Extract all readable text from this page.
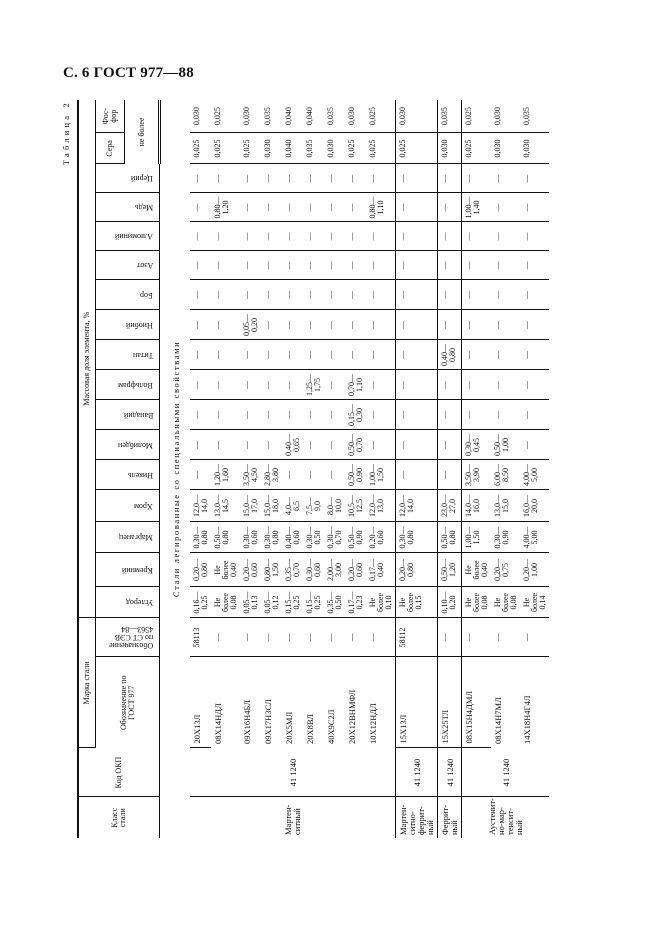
С. 6 ГОСТ 977—88
Таблица 2
Класс
стали	Код ОКП	Марка стали		Массовая доля элемента, %																
		Обозначение по
ГОСТ 977	Обозначение
по СТ СЭВ
4563—84	Углерод	Кремний	Марганец	Хром	Никель	Молибден	Ванадий	Вольфрам	Титан	Ниобий	Бор	Азот	Алюминий	Медь	Церий	Сера	Фос-
фор
																			не более	
Стали легированные со специальными свойствами																				
Мартен-
ситный	41 1240	20Х13Л	58113	0,16—
0,25	0,20—
0,80	0,30—
0,80	12,0—
14,0	—	—	—	—	—	—	—	—	—	—	—	0,025	0,030
		08Х14НДЛ	—	Не
более
0,08	Не
более
0,40	0,50—
0,80	13,0—
14,5	1,20—
1,60	—	—	—	—	—	—	—	—	0,80—
1,20	—	0,025	0,025
		09Х16Н4БЛ	—	0,05—
0,13	0,20—
0,60	0,30—
0,60	15,0—
17,0	3,50—
4,50	—	—	—	—	0,05—
0,20	—	—	—	—	—	0,025	0,030
		09Х17Н3СЛ	—	0,05—
0,12	0,80—
1,50	0,30—
0,80	15,0—
18,0	2,80—
3,80	—	—	—	—	—	—	—	—	—	—	0,030	0,035
		20Х5МЛ	—	0,15—
0,25	0,35—
0,70	0,40—
0,60	4,0—
6,5	—	0,40—
0,65	—	—	—	—	—	—	—	—	—	0,040	0,040
		20Х8ВЛ	—	0,15—
0,25	0,30—
0,60	0,30—
0,50	7,5—
9,0	—	—	—	1,25—
1,75	—	—	—	—	—	—	—	0,035	0,040
		40Х9С2Л	—	0,35—
0,50	2,00—
3,00	0,30—
0,70	8,0—
10,0	—	—	—	—	—	—	—	—	—	—	—	0,030	0,035
		20Х12ВНМФЛ	—	0,17—
0,23	0,20—
0,60	0,50—
0,90	10,5—
12,5	0,50—
0,90	0,50—
0,70	0,15—
0,30	0,70—
1,10	—	—	—	—	—	—	—	0,025	0,030
		10Х12НДЛ	—	Не
более
0,10	0,17—
0,40	0,20—
0,60	12,0—
13,0	1,00—
1,50	—	—	—	—	—	—	—	—	0,80—
1,10	—	0,025	0,025
Мартен-
ситно-
феррит-
ный	41 1240	15Х13Л	58112	Не
более
0,15	0,20—
0,80	0,30—
0,80	12,0—
14,0	—	—	—	—	—	—	—	—	—	—	—	0,025	0,030
Феррит-
ный	41 1240	15Х25ТЛ	—	0,10—
0,20	0,50—
1,20	0,50—
0,80	23,0—
27,0	—	—	—	—	0,40—
0,80	—	—	—	—	—	—	0,030	0,035
Аустенит-
но-мар-
тенсит-
ный	41 1240	08Х15Н4ДМЛ	—	Не
более
0,08	Не
более
0,40	1,00—
1,50	14,0—
16,0	3,50—
3,90	0,30—
0,45	—	—	—	—	—	—	—	1,00—
1,40	—	0,025	0,025
		08Х14Н7МЛ	—	Не
более
0,08	0,20—
0,75	0,30—
0,90	13,0—
15,0	6,00—
8,50	0,50—
1,00	—	—	—	—	—	—	—	—	—	0,030	0,030
		14Х18Н4Г4Л	—	Не
более
0,14	0,20—
1,00	4,00—
5,00	16,0—
20,0	4,00—
5,00	—	—	—	—	—	—	—	—	—	—	0,030	0,035
